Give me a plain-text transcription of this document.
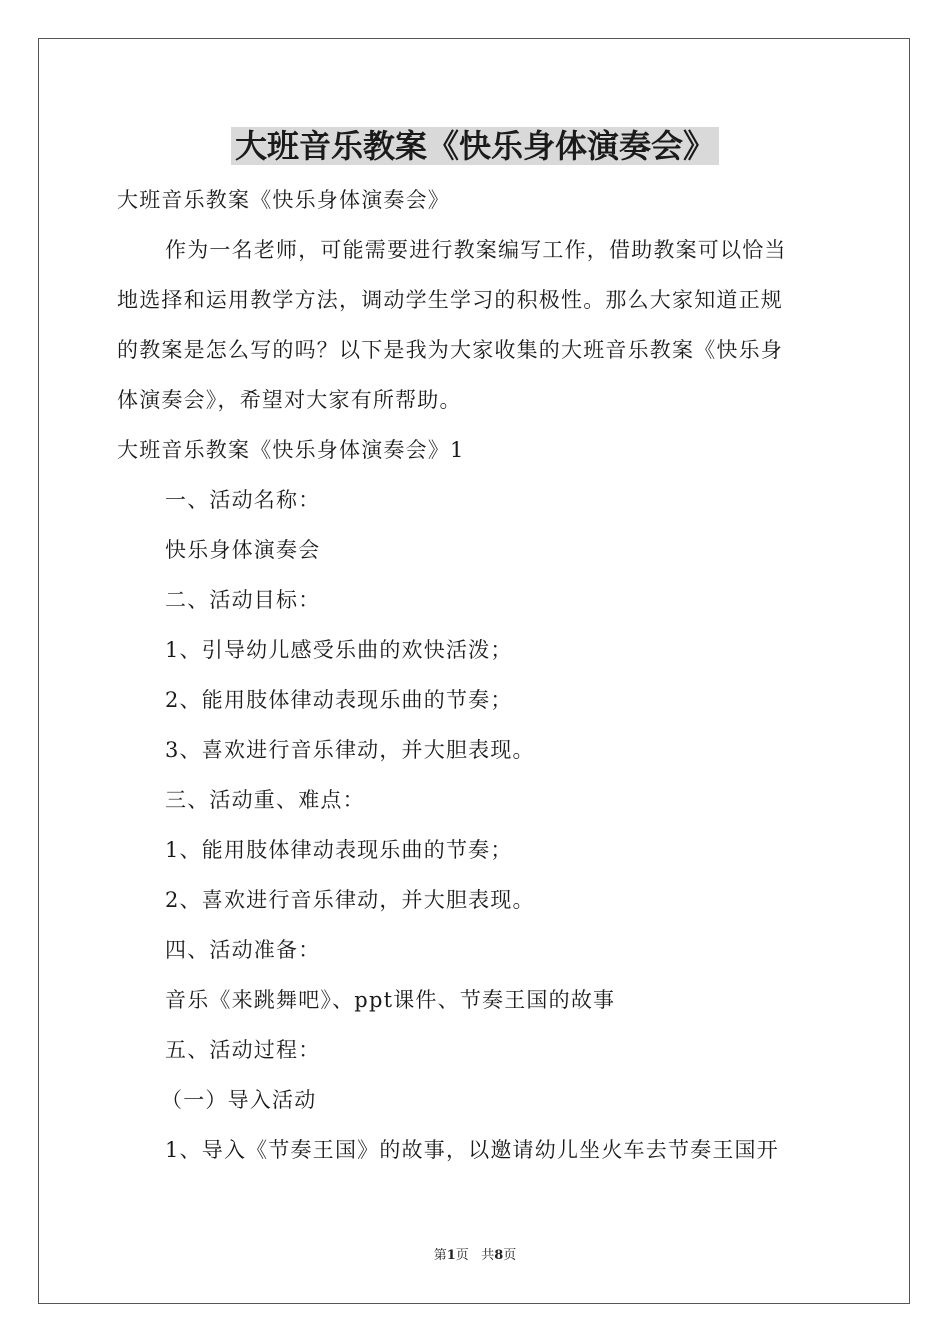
大班音乐教案《快乐身体演奏会》
大班音乐教案《快乐身体演奏会》
作为一名老师，可能需要进行教案编写工作，借助教案可以恰当
地选择和运用教学方法，调动学生学习的积极性。那么大家知道正规
的教案是怎么写的吗？以下是我为大家收集的大班音乐教案《快乐身
体演奏会》，希望对大家有所帮助。
大班音乐教案《快乐身体演奏会》1
一、活动名称：
快乐身体演奏会
二、活动目标：
1、引导幼儿感受乐曲的欢快活泼；
2、能用肢体律动表现乐曲的节奏；
3、喜欢进行音乐律动，并大胆表现。
三、活动重、难点：
1、能用肢体律动表现乐曲的节奏；
2、喜欢进行音乐律动，并大胆表现。
四、活动准备：
音乐《来跳舞吧》、ppt课件、节奏王国的故事
五、活动过程：
（一）导入活动
1、导入《节奏王国》的故事，以邀请幼儿坐火车去节奏王国开
第1页 共8页
